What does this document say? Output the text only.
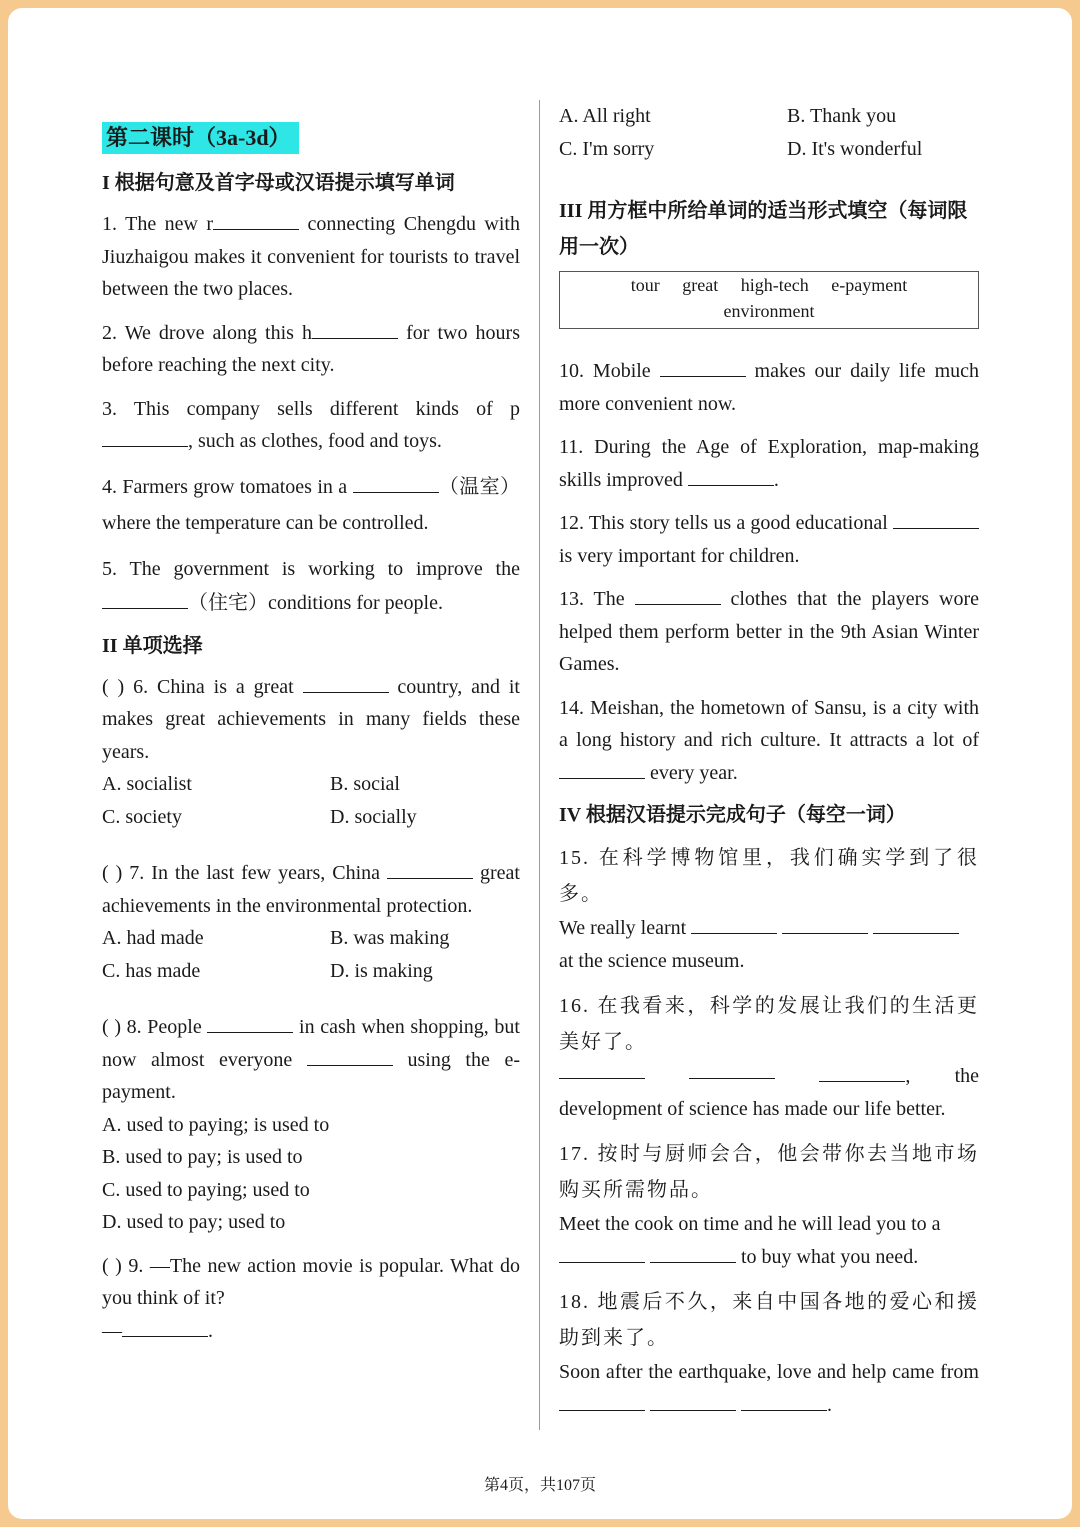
第二课时（3a-3d）
I 根据句意及首字母或汉语提示填写单词
1. The new r	connecting Chengdu with Jiuzhaigou makes it convenient for tourists to travel between the two places.
2. We drove along this h	for two hours before reaching the next city.
3. This company sells different kinds of p, such as clothes, food and toys.
4. Farmers grow tomatoes in a	（温室）where the temperature can be controlled.
5. The government is working to improve the （住宅）conditions for people.
II 单项选择
( ) 6. China is a great	country, and it makes great achievements in many fields these years.
A. socialist	B. social
C. society	D. socially
( ) 7. In the last few years, China	great achievements in the environmental protection.
A. had made	B. was making
C. has made	D. is making
( ) 8. People	in cash when shopping, but now almost everyone	using the e-payment.
A. used to paying; is used to
B. used to pay; is used to
C. used to paying; used to
D. used to pay; used to
( ) 9. —The new action movie is popular. What do you think of it?
—	.
A. All right	B. Thank you
C. I'm sorry	D. It's wonderful
III 用方框中所给单词的适当形式填空（每词限用一次）
tour great high-tech e-payment
environment
10. Mobile	makes our daily life much more convenient now.
11. During the Age of Exploration, map-making skills improved	.
12. This story tells us a good educational  is very important for children.
13. The	clothes that the players wore helped them perform better in the 9th Asian Winter Games.
14. Meishan, the hometown of Sansu, is a city with a long history and rich culture. It attracts a lot of  every year.
IV 根据汉语提示完成句子（每空一词）
15. 在科学博物馆里，我们确实学到了很多。
We really learnt
at the science museum.
16. 在我看来，科学的发展让我们的生活更美好了。
, the
development of science has made our life better.
17. 按时与厨师会合，他会带你去当地市场购买所需物品。
Meet the cook on time and he will lead you to a
to buy what you need.
18. 地震后不久，来自中国各地的爱心和援助到来了。
Soon after the earthquake, love and help came from   .
第4页，共107页
